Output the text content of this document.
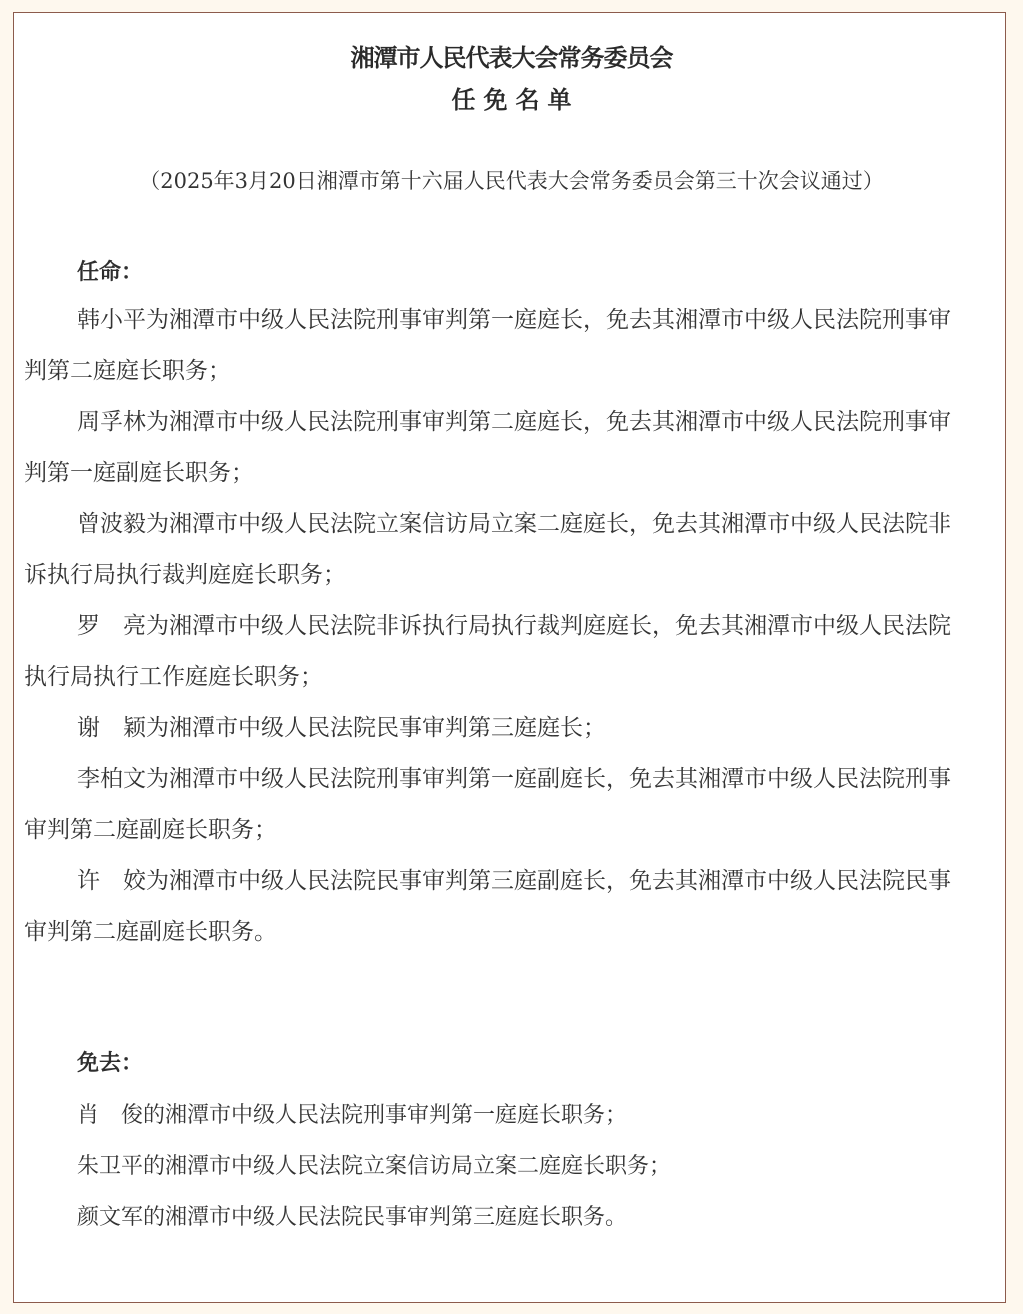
湘潭市人民代表大会常务委员会
任免名单
（2025年3月20日湘潭市第十六届人民代表大会常务委员会第三十次会议通过）
任命：
韩小平为湘潭市中级人民法院刑事审判第一庭庭长，免去其湘潭市中级人民法院刑事审判第二庭庭长职务；
周孚林为湘潭市中级人民法院刑事审判第二庭庭长，免去其湘潭市中级人民法院刑事审判第一庭副庭长职务；
曾波毅为湘潭市中级人民法院立案信访局立案二庭庭长，免去其湘潭市中级人民法院非诉执行局执行裁判庭庭长职务；
罗　亮为湘潭市中级人民法院非诉执行局执行裁判庭庭长，免去其湘潭市中级人民法院执行局执行工作庭庭长职务；
谢　颖为湘潭市中级人民法院民事审判第三庭庭长；
李柏文为湘潭市中级人民法院刑事审判第一庭副庭长，免去其湘潭市中级人民法院刑事审判第二庭副庭长职务；
许　姣为湘潭市中级人民法院民事审判第三庭副庭长，免去其湘潭市中级人民法院民事审判第二庭副庭长职务。
免去：
肖　俊的湘潭市中级人民法院刑事审判第一庭庭长职务；
朱卫平的湘潭市中级人民法院立案信访局立案二庭庭长职务；
颜文军的湘潭市中级人民法院民事审判第三庭庭长职务。
